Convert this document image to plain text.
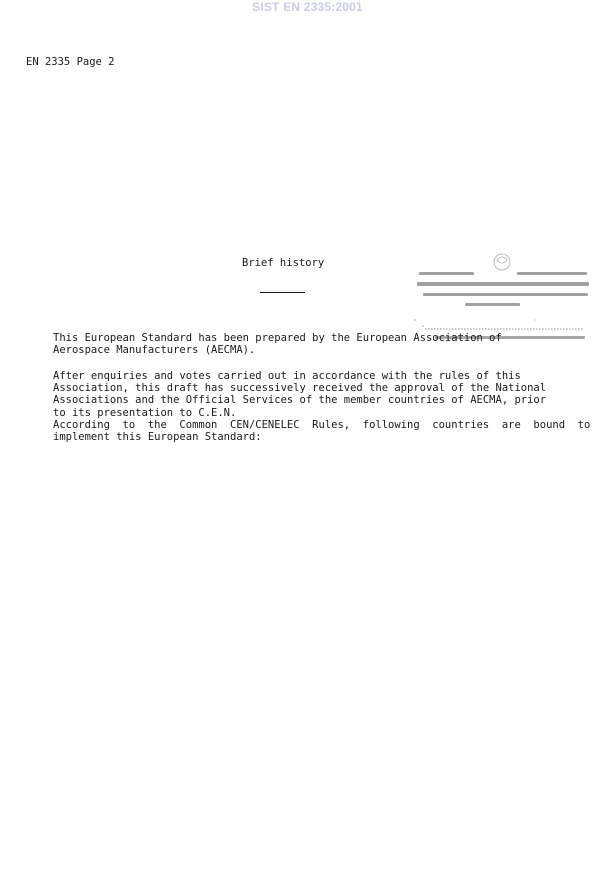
SIST EN 2335:2001
EN 2335 Page 2
Brief history

This European Standard has been prepared by the European Association of
Aerospace Manufacturers (AECMA).

After enquiries and votes carried out in accordance with the rules of this
Association, this draft has successively received the approval of the National
Associations and the Official Services of the member countries of AECMA, prior
to its presentation to C.E.N.

According  to  the  Common  CEN/CENELEC  Rules,  following  countries  are  bound  to
implement this European Standard:
